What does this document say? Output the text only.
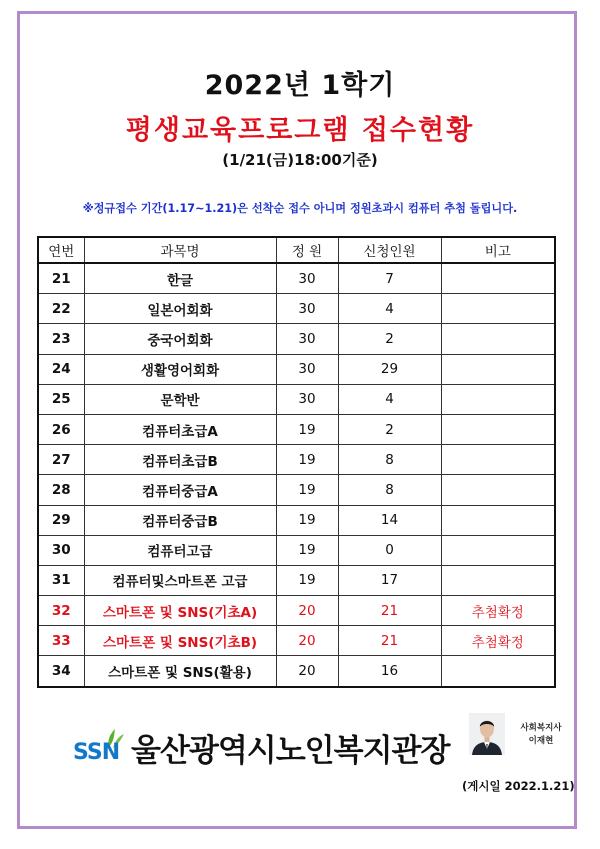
2022년 1학기
평생교육프로그램 접수현황
(1/21(금)18:00기준)
※정규접수 기간(1.17~1.21)은 선착순 접수 아니며 정원초과시 컴퓨터 추첨 돌립니다.
연번	과목명	정 원	신청인원	비고
21	한글	30	7	
22	일본어회화	30	4	
23	중국어회화	30	2	
24	생활영어회화	30	29	
25	문학반	30	4	
26	컴퓨터초급A	19	2	
27	컴퓨터초급B	19	8	
28	컴퓨터중급A	19	8	
29	컴퓨터중급B	19	14	
30	컴퓨터고급	19	0	
31	컴퓨터및스마트폰 고급	19	17	
32	스마트폰 및 SNS(기초A)	20	21	추첨확정
33	스마트폰 및 SNS(기초B)	20	21	추첨확정
34	스마트폰 및 SNS(활용)	20	16	
SSN 울산광역시노인복지관장
사회복지사
이재현
(게시일 2022.1.21)
